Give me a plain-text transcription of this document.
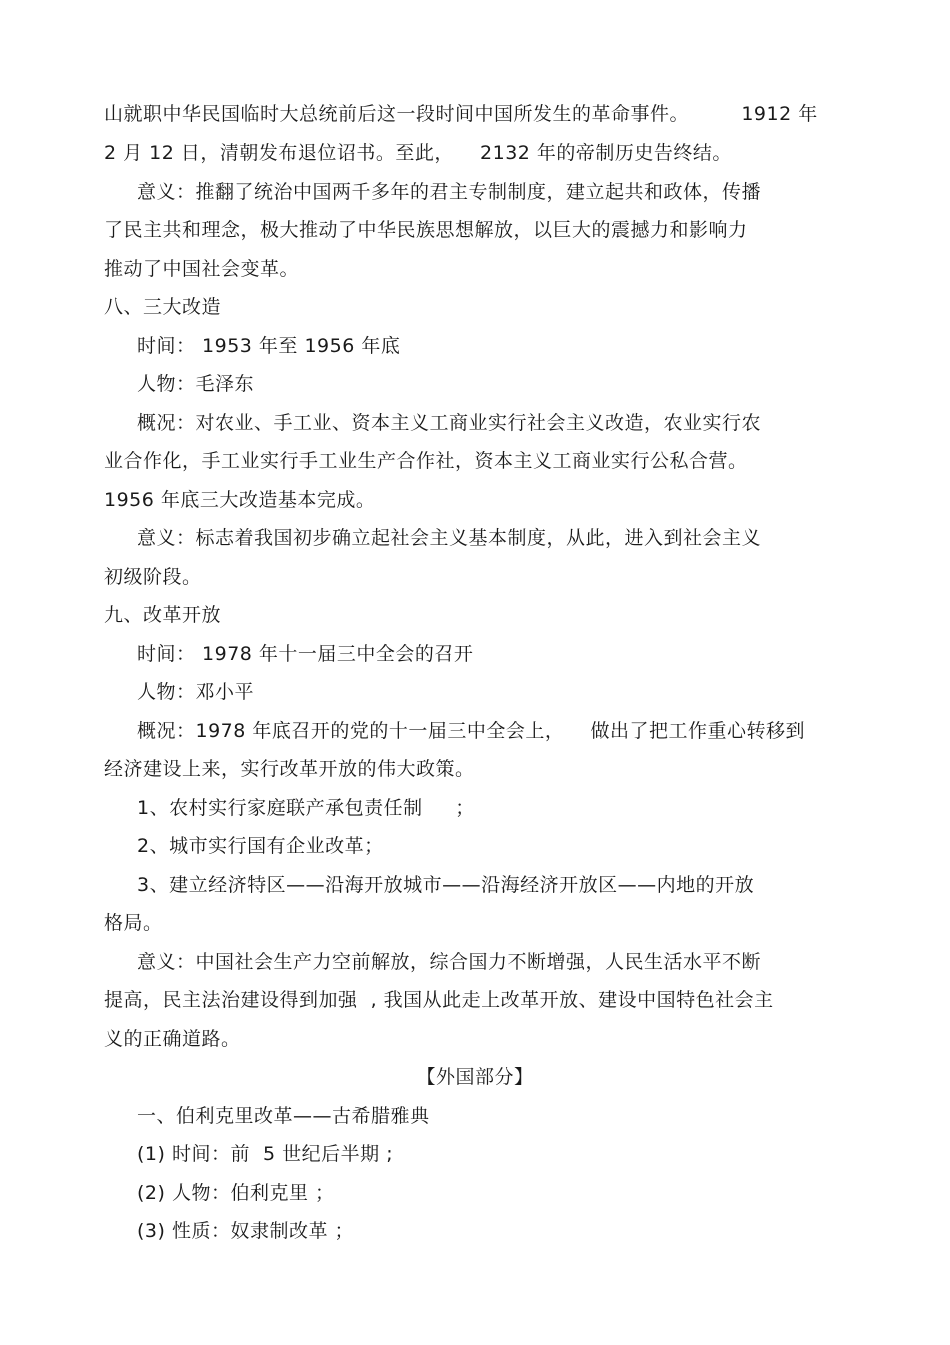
山就职中华民国临时大总统前后这一段时间中国所发生的革命事件。        1912 年
2 月 12 日，清朝发布退位诏书。至此，    2132 年的帝制历史告终结。
意义：推翻了统治中国两千多年的君主专制制度，建立起共和政体，传播
了民主共和理念，极大推动了中华民族思想解放，以巨大的震撼力和影响力
推动了中国社会变革。
八、三大改造
时间： 1953 年至 1956 年底
人物：毛泽东
概况：对农业、手工业、资本主义工商业实行社会主义改造，农业实行农
业合作化，手工业实行手工业生产合作社，资本主义工商业实行公私合营。
1956 年底三大改造基本完成。
意义：标志着我国初步确立起社会主义基本制度，从此，进入到社会主义
初级阶段。
九、改革开放
时间： 1978 年十一届三中全会的召开
人物：邓小平
概况：1978 年底召开的党的十一届三中全会上，    做出了把工作重心转移到
经济建设上来，实行改革开放的伟大政策。
1、农村实行家庭联产承包责任制     ；
2、城市实行国有企业改革；
3、建立经济特区——沿海开放城市——沿海经济开放区——内地的开放
格局。
意义：中国社会生产力空前解放，综合国力不断增强，人民生活水平不断
提高，民主法治建设得到加强  , 我国从此走上改革开放、建设中国特色社会主
义的正确道路。
【外国部分】
一、伯利克里改革——古希腊雅典
(1) 时间：前  5 世纪后半期 ;
(2) 人物：伯利克里 ；
(3) 性质：奴隶制改革 ；
